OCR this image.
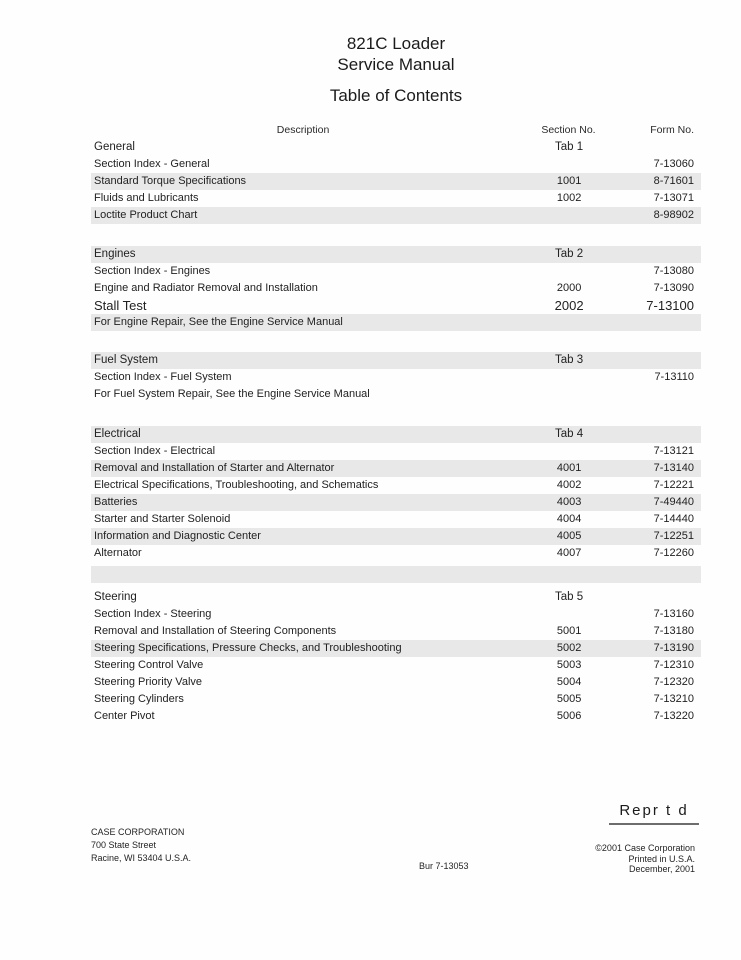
821C Loader
Service Manual
Table of Contents
Description	Section No.	Form No.
General	Tab 1
Section Index - General	7-13060
Standard Torque Specifications	1001	8-71601
Fluids and Lubricants	1002	7-13071
Loctite Product Chart	8-98902
Engines	Tab 2
Section Index - Engines	7-13080
Engine and Radiator Removal and Installation	2000	7-13090
Stall Test	2002	7-13100
For Engine Repair, See the Engine Service Manual
Fuel System	Tab 3
Section Index - Fuel System	7-13110
For Fuel System Repair, See the Engine Service Manual
Electrical	Tab 4
Section Index - Electrical	7-13121
Removal and Installation of Starter and Alternator	4001	7-13140
Electrical Specifications, Troubleshooting, and Schematics	4002	7-12221
Batteries	4003	7-49440
Starter and Starter Solenoid	4004	7-14440
Information and Diagnostic Center	4005	7-12251
Alternator	4007	7-12260
Steering	Tab 5
Section Index - Steering	7-13160
Removal and Installation of Steering Components	5001	7-13180
Steering Specifications, Pressure Checks, and Troubleshooting	5002	7-13190
Steering Control Valve	5003	7-12310
Steering Priority Valve	5004	7-12320
Steering Cylinders	5005	7-13210
Center Pivot	5006	7-13220
CASE CORPORATION
700 State Street
Racine, WI 53404 U.S.A.
Bur 7-13053
Repr t d
©2001 Case Corporation
Printed in U.S.A.
December, 2001
